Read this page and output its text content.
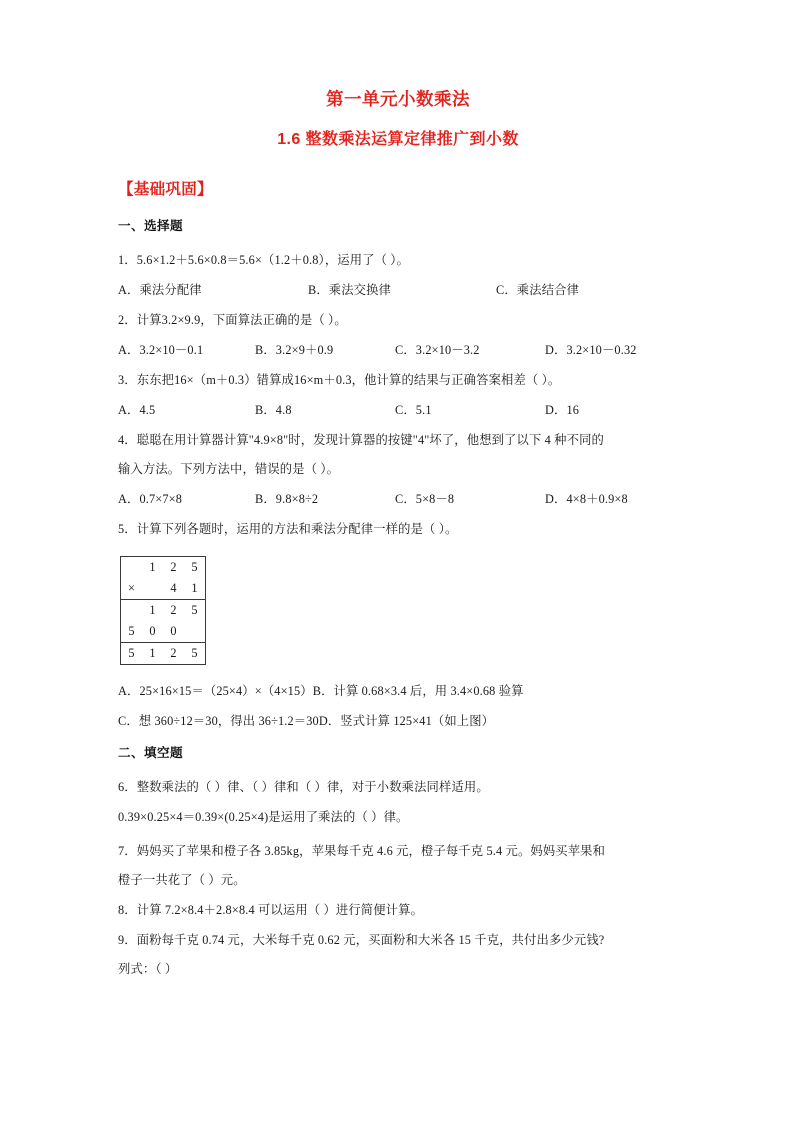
第一单元小数乘法
1.6 整数乘法运算定律推广到小数
【基础巩固】
一、选择题
1．5.6×1.2＋5.6×0.8＝5.6×（1.2＋0.8），运用了（ ）。
A．乘法分配律	B．乘法交换律	C．乘法结合律
2．计算3.2×9.9，下面算法正确的是（ ）。
A．3.2×10－0.1	B．3.2×9＋0.9	C．3.2×10－3.2	D．3.2×10－0.32
3．东东把16×（m＋0.3）错算成16×m＋0.3，他计算的结果与正确答案相差（ ）。
A．4.5	B．4.8	C．5.1	D．16
4．聪聪在用计算器计算"4.9×8"时，发现计算器的按键"4"坏了，他想到了以下 4 种不同的
输入方法。下列方法中，错误的是（ ）。
A．0.7×7×8	B．9.8×8÷2	C．5×8－8	D．4×8＋0.9×8
5．计算下列各题时，运用的方法和乘法分配律一样的是（ ）。
	1	2	5
×		4	1
	1	2	5
5	0	0	
5	1	2	5
A．25×16×15＝（25×4）×（4×15）B．计算 0.68×3.4 后，用 3.4×0.68 验算
C．想 360÷12＝30，得出 36÷1.2＝30D．竖式计算 125×41（如上图）
二、填空题
6．整数乘法的（ ）律、（ ）律和（ ）律，对于小数乘法同样适用。
0.39×0.25×4＝0.39×(0.25×4)是运用了乘法的（ ）律。
7．妈妈买了苹果和橙子各 3.85kg，苹果每千克 4.6 元，橙子每千克 5.4 元。妈妈买苹果和
橙子一共花了（ ）元。
8．计算 7.2×8.4＋2.8×8.4 可以运用（ ）进行简便计算。
9．面粉每千克 0.74 元，大米每千克 0.62 元，买面粉和大米各 15 千克，共付出多少元钱?
列式：（ ）
